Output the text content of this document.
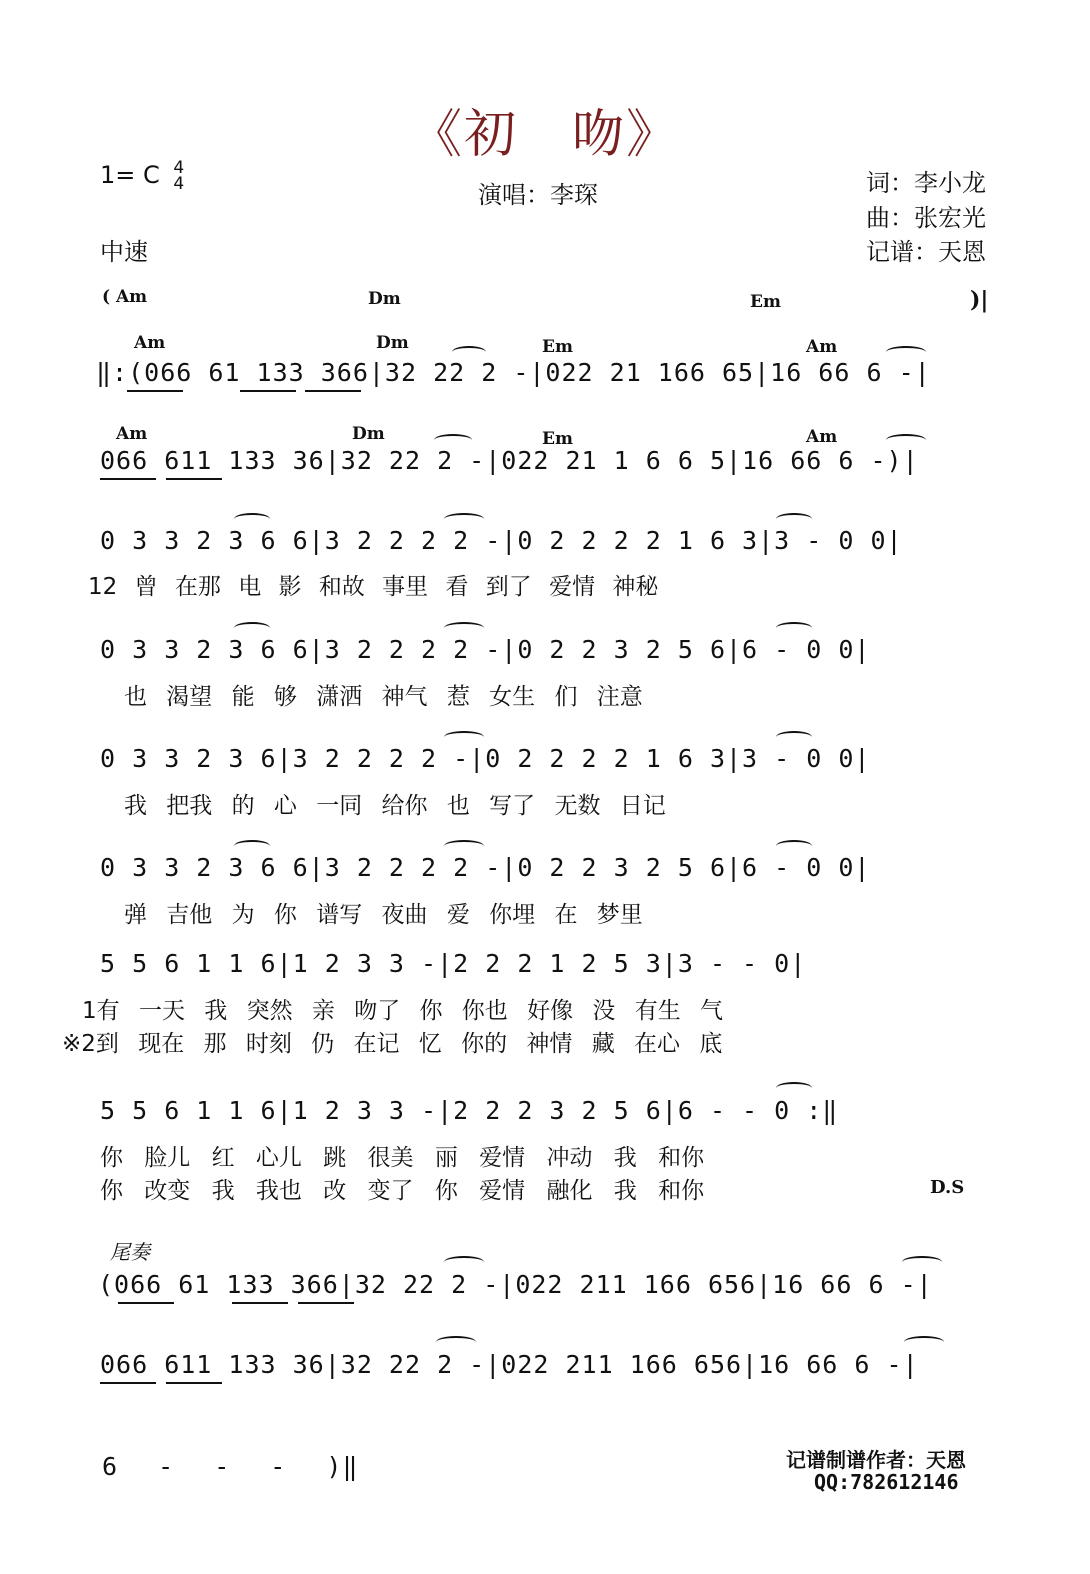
《初　吻》
1= C 4
4	演唱：李琛	词：李小龙
曲：张宏光
记谱：天恩
中速
( Am	Dm	Em	)|
Am	Dm	Em	Am
‖:(066 61 133 366|32 22 2 -|022 21 166 65|16 66 6 -|
Am	Dm	Em	Am
066 611 133 36|32 22 2 -|022 21 1 6 6 5|16 66 6 -)|
0 3 3 2 3 6 6|3 2 2 2 2 -|0 2 2 2 2 1 6 3|3 - 0 0|
12 曾 在那 电 影 和故 事里 看 到了 爱情 神秘
0 3 3 2 3 6 6|3 2 2 2 2 -|0 2 2 3 2 5 6|6 - 0 0|
也 渴望 能 够 潇洒 神气 惹 女生 们 注意
0 3 3 2 3 6|3 2 2 2 2 -|0 2 2 2 2 1 6 3|3 - 0 0|
我 把我 的 心 一同 给你 也 写了 无数 日记
0 3 3 2 3 6 6|3 2 2 2 2 -|0 2 2 3 2 5 6|6 - 0 0|
弹 吉他 为 你 谱写 夜曲 爱 你埋 在 梦里
5 5 6 1 1 6|1 2 3 3 -|2 2 2 1 2 5 3|3 - - 0|
1有 一天 我 突然 亲 吻了 你 你也 好像 没 有生 气
※2到 现在 那 时刻 仍 在记 忆 你的 神情 藏 在心 底
5 5 6 1 1 6|1 2 3 3 -|2 2 2 3 2 5 6|6 - - 0 :‖
你 脸儿 红 心儿 跳 很美 丽 爱情 冲动 我 和你
你 改变 我 我也 改 变了 你 爱情 融化 我 和你	D.S
尾奏
(066 61 133 366|32 22 2 -|022 211 166 656|16 66 6 -|
066 611 133 36|32 22 2 -|022 211 166 656|16 66 6 -|
6 - - - )‖	记谱制谱作者：天恩
QQ:782612146
